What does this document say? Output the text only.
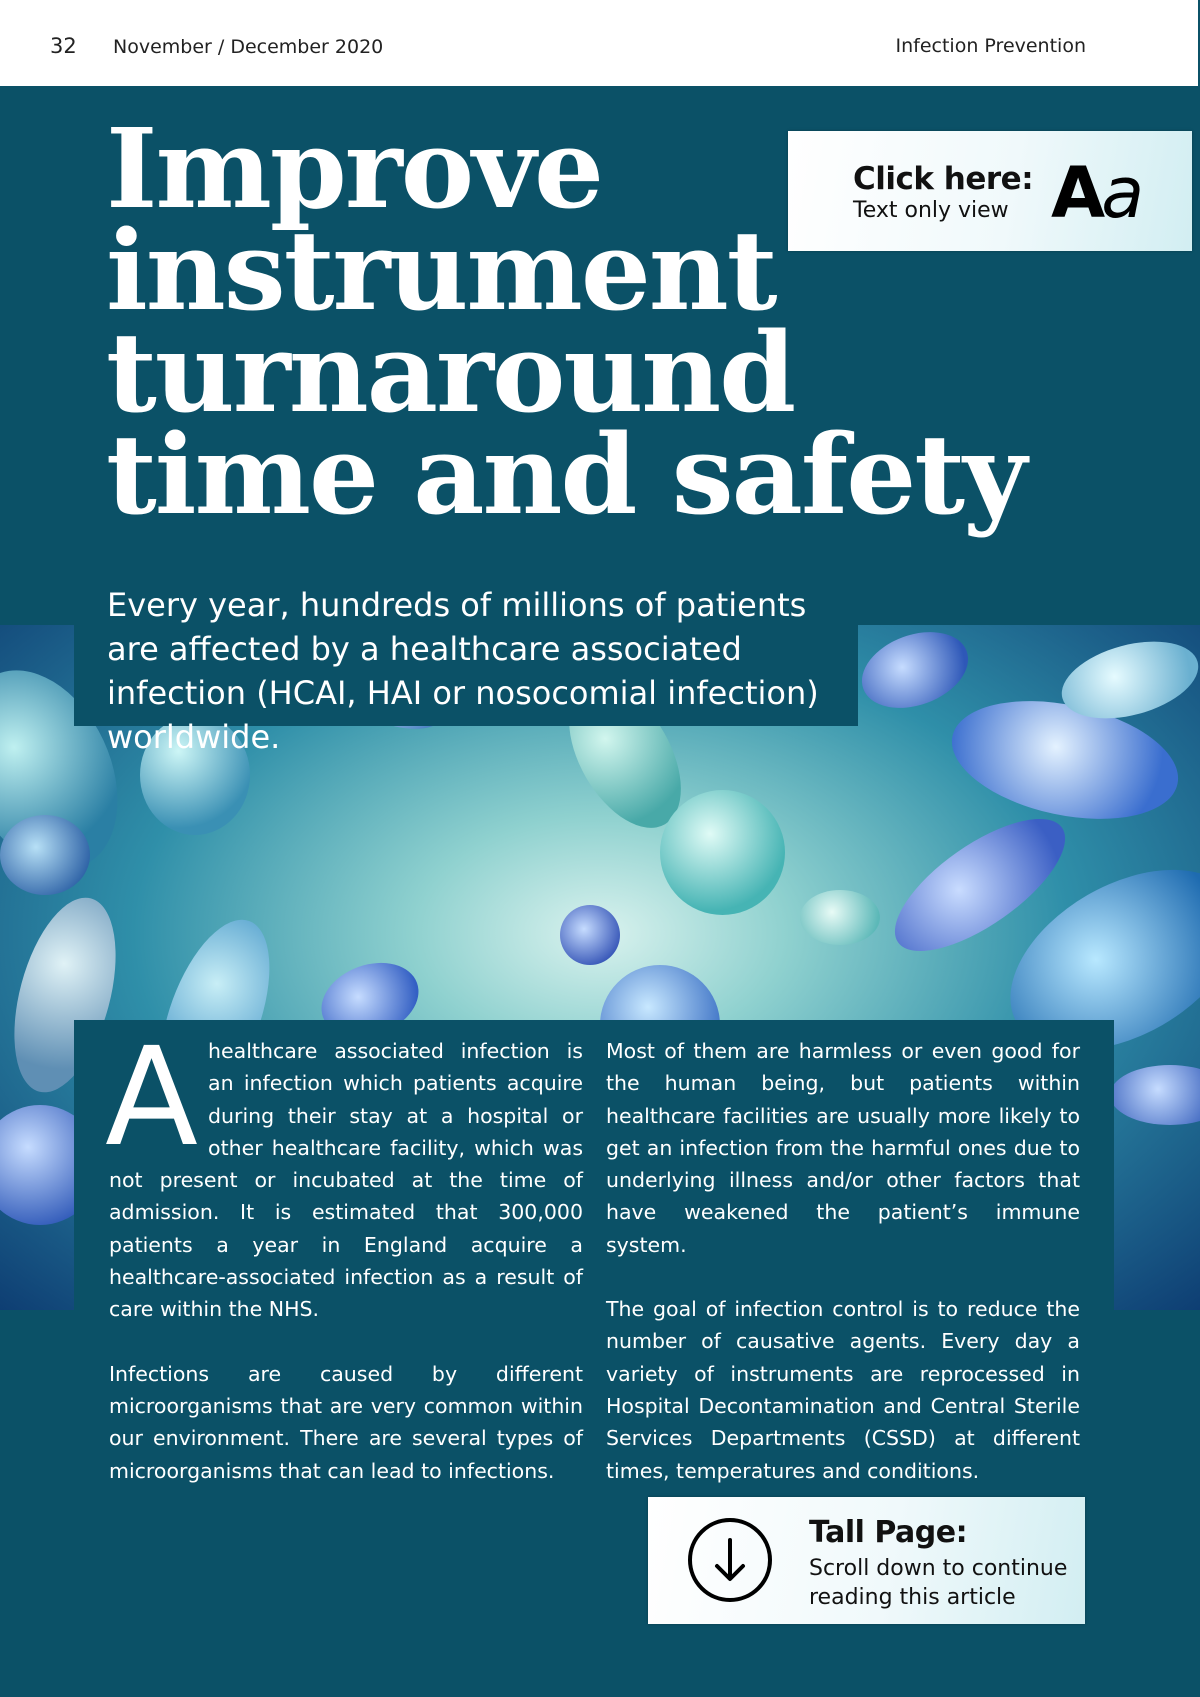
32 November / December 2020	Infection Prevention
Improve
instrument
turnaround
time and safety
Click here:
Text only view Aa

Every year, hundreds of millions of patients are affected by a healthcare associated infection (HCAI, HAI or nosocomial infection) worldwide.

Ahealthcare associated infection is an infection which patients acquire during their stay at a hospital or other healthcare facility, which was not present or incubated at the time of admission. It is estimated that 300,000 patients a year in England acquire a healthcare-associated infection as a result of care within the NHS.

Infections are caused by different microorganisms that are very common within our environment. There are several types of microorganisms that can lead to infections.

Most of them are harmless or even good for the human being, but patients within healthcare facilities are usually more likely to get an infection from the harmful ones due to underlying illness and/or other factors that have weakened the patient’s immune system.

The goal of infection control is to reduce the number of causative agents. Every day a variety of instruments are reprocessed in Hospital Decontamination and Central Sterile Services Departments (CSSD) at different times, temperatures and conditions.

Tall Page:
Scroll down to continue reading this article
